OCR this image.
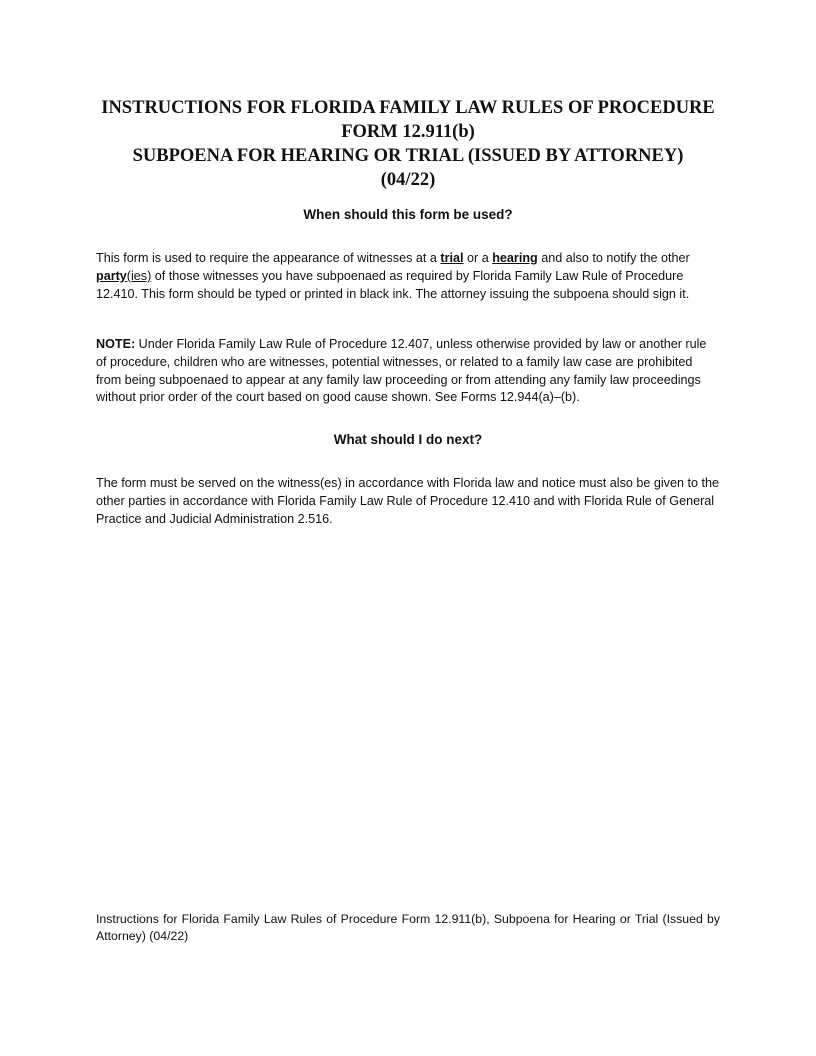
INSTRUCTIONS FOR FLORIDA FAMILY LAW RULES OF PROCEDURE
FORM 12.911(b)
SUBPOENA FOR HEARING OR TRIAL (ISSUED BY ATTORNEY)
(04/22)
When should this form be used?

This form is used to require the appearance of witnesses at a trial or a hearing and also to notify the other party(ies) of those witnesses you have subpoenaed as required by Florida Family Law Rule of Procedure 12.410. This form should be typed or printed in black ink. The attorney issuing the subpoena should sign it.

NOTE: Under Florida Family Law Rule of Procedure 12.407, unless otherwise provided by law or another rule of procedure, children who are witnesses, potential witnesses, or related to a family law case are prohibited from being subpoenaed to appear at any family law proceeding or from attending any family law proceedings without prior order of the court based on good cause shown. See Forms 12.944(a)–(b).

What should I do next?

The form must be served on the witness(es) in accordance with Florida law and notice must also be given to the other parties in accordance with Florida Family Law Rule of Procedure 12.410 and with Florida Rule of General Practice and Judicial Administration 2.516.

Instructions for Florida Family Law Rules of Procedure Form 12.911(b), Subpoena for Hearing or Trial (Issued by Attorney) (04/22)
